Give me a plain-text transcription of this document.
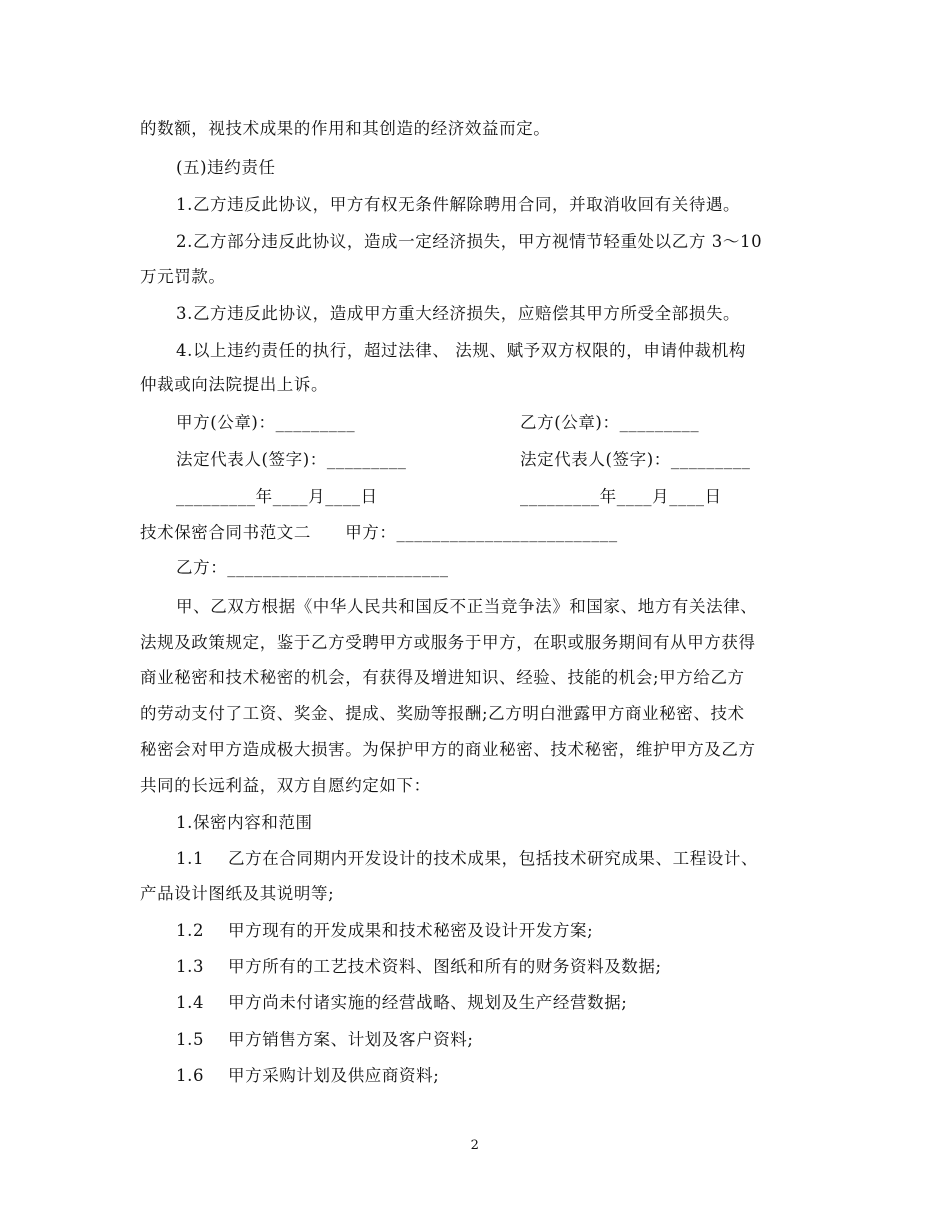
的数额，视技术成果的作用和其创造的经济效益而定。
(五)违约责任
1.乙方违反此协议，甲方有权无条件解除聘用合同，并取消收回有关待遇。
2.乙方部分违反此协议，造成一定经济损失，甲方视情节轻重处以乙方 3～10
万元罚款。
3.乙方违反此协议，造成甲方重大经济损失，应赔偿其甲方所受全部损失。
4.以上违约责任的执行，超过法律、 法规、赋予双方权限的，申请仲裁机构
仲裁或向法院提出上诉。
甲方(公章)：_________	乙方(公章)：_________
法定代表人(签字)：_________	法定代表人(签字)：_________
_________年____月____日	_________年____月____日
技术保密合同书范文二　　甲方：_________________________
乙方：_________________________
甲、乙双方根据《中华人民共和国反不正当竞争法》和国家、地方有关法律、
法规及政策规定，鉴于乙方受聘甲方或服务于甲方，在职或服务期间有从甲方获得
商业秘密和技术秘密的机会，有获得及增进知识、经验、技能的机会;甲方给乙方
的劳动支付了工资、奖金、提成、奖励等报酬;乙方明白泄露甲方商业秘密、技术
秘密会对甲方造成极大损害。为保护甲方的商业秘密、技术秘密，维护甲方及乙方
共同的长远利益，双方自愿约定如下：
1.保密内容和范围
1.1 乙方在合同期内开发设计的技术成果，包括技术研究成果、工程设计、
产品设计图纸及其说明等;
1.2 甲方现有的开发成果和技术秘密及设计开发方案;
1.3 甲方所有的工艺技术资料、图纸和所有的财务资料及数据;
1.4 甲方尚未付诸实施的经营战略、规划及生产经营数据;
1.5 甲方销售方案、计划及客户资料;
1.6 甲方采购计划及供应商资料;
2
